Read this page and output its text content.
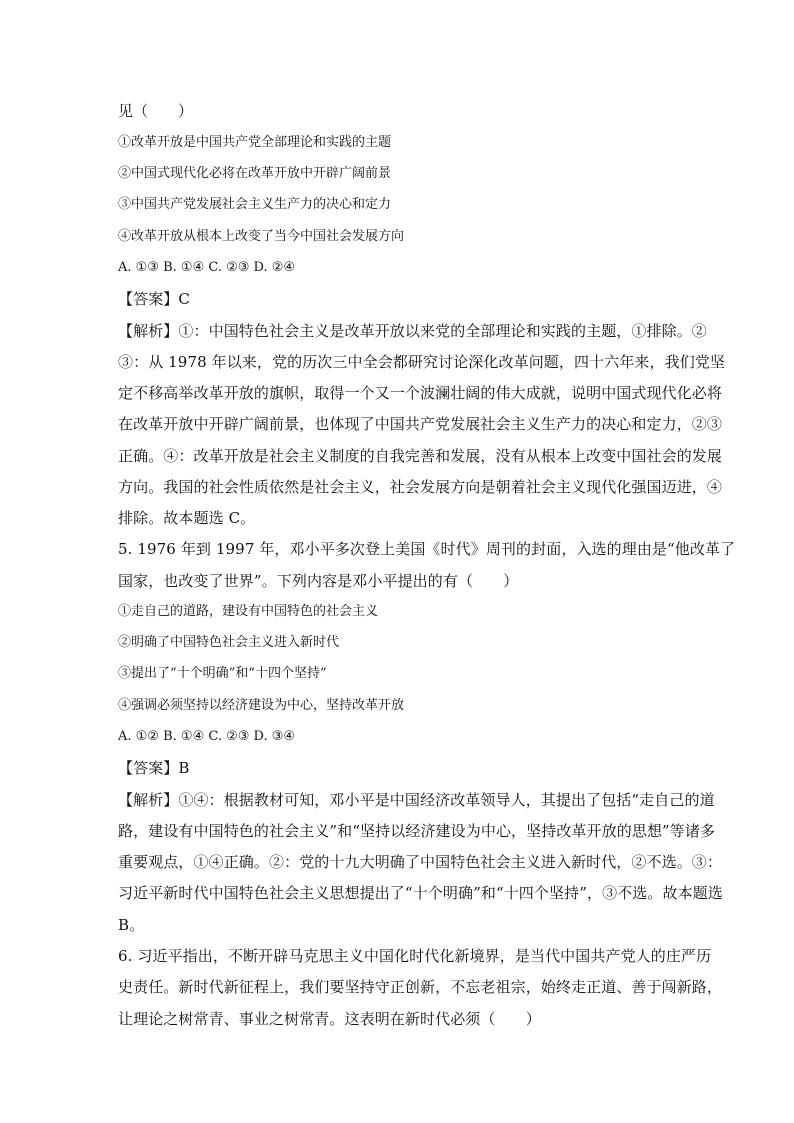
见（　　）
①改革开放是中国共产党全部理论和实践的主题
②中国式现代化必将在改革开放中开辟广阔前景
③中国共产党发展社会主义生产力的决心和定力
④改革开放从根本上改变了当今中国社会发展方向
A. ①③ B. ①④ C. ②③ D. ②④
【答案】C
【解析】①：中国特色社会主义是改革开放以来党的全部理论和实践的主题，①排除。②
③：从 1978 年以来，党的历次三中全会都研究讨论深化改革问题，四十六年来，我们党坚
定不移高举改革开放的旗帜，取得一个又一个波澜壮阔的伟大成就，说明中国式现代化必将
在改革开放中开辟广阔前景，也体现了中国共产党发展社会主义生产力的决心和定力，②③
正确。④：改革开放是社会主义制度的自我完善和发展，没有从根本上改变中国社会的发展
方向。我国的社会性质依然是社会主义，社会发展方向是朝着社会主义现代化强国迈进，④
排除。故本题选 C。
5. 1976 年到 1997 年，邓小平多次登上美国《时代》周刊的封面，入选的理由是“他改革了
国家，也改变了世界”。下列内容是邓小平提出的有（　　）
①走自己的道路，建设有中国特色的社会主义
②明确了中国特色社会主义进入新时代
③提出了“十个明确”和“十四个坚持”
④强调必须坚持以经济建设为中心，坚持改革开放
A. ①② B. ①④ C. ②③ D. ③④
【答案】B
【解析】①④：根据教材可知，邓小平是中国经济改革领导人，其提出了包括“走自己的道
路，建设有中国特色的社会主义”和“坚持以经济建设为中心，坚持改革开放的思想”等诸多
重要观点，①④正确。②：党的十九大明确了中国特色社会主义进入新时代，②不选。③：
习近平新时代中国特色社会主义思想提出了“十个明确”和“十四个坚持”，③不选。故本题选
B。
6. 习近平指出，不断开辟马克思主义中国化时代化新境界，是当代中国共产党人的庄严历
史责任。新时代新征程上，我们要坚持守正创新，不忘老祖宗，始终走正道、善于闯新路，
让理论之树常青、事业之树常青。这表明在新时代必须（　　）
